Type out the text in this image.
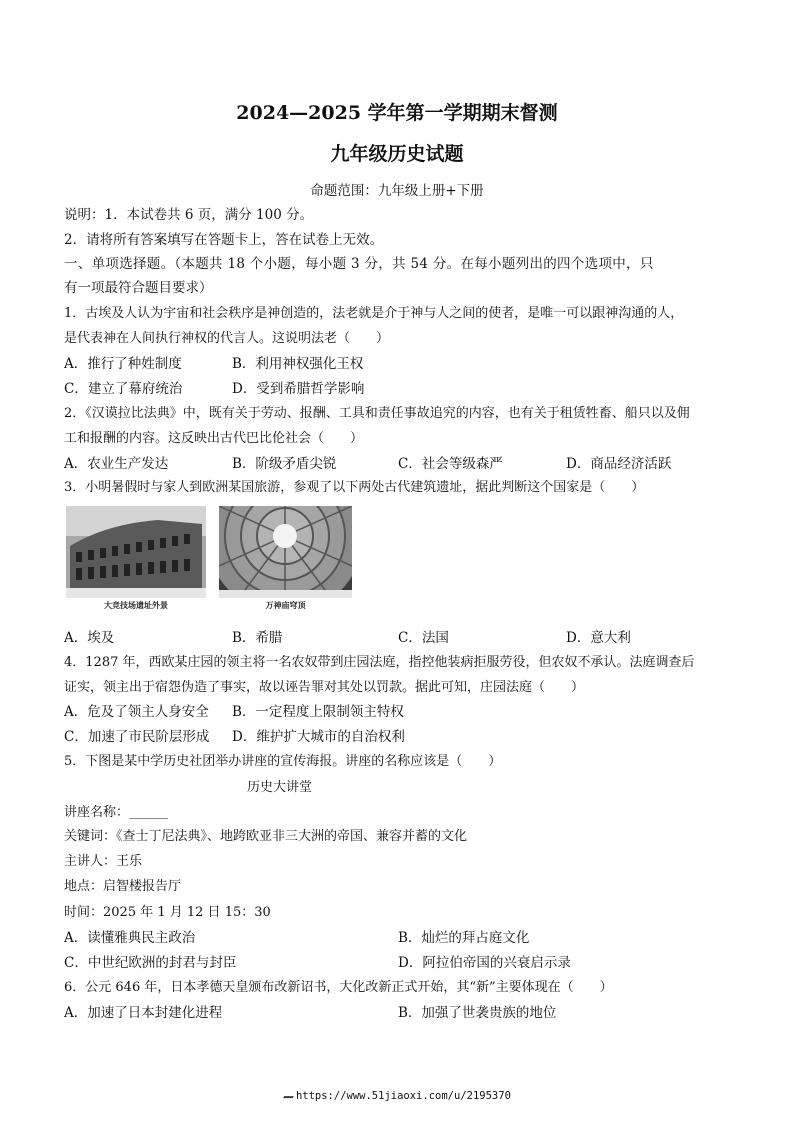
2024—2025 学年第一学期期末督测
九年级历史试题
命题范围：九年级上册+下册
说明：1．本试卷共 6 页，满分 100 分。
2．请将所有答案填写在答题卡上，答在试卷上无效。
一、单项选择题。（本题共 18 个小题，每小题 3 分，共 54 分。在每小题列出的四个选项中，只
有一项最符合题目要求）
1．古埃及人认为宇宙和社会秩序是神创造的，法老就是介于神与人之间的使者，是唯一可以跟神沟通的人，
是代表神在人间执行神权的代言人。这说明法老（　　）
A．推行了种姓制度	B．利用神权强化王权
C．建立了幕府统治	D．受到希腊哲学影响
2．《汉谟拉比法典》中，既有关于劳动、报酬、工具和责任事故追究的内容，也有关于租赁牲畜、船只以及佣
工和报酬的内容。这反映出古代巴比伦社会（　　）
A．农业生产发达	B．阶级矛盾尖锐	C．社会等级森严	D．商品经济活跃
3．小明暑假时与家人到欧洲某国旅游，参观了以下两处古代建筑遗址，据此判断这个国家是（　　）
大竞技场遗址外景	万神庙穹顶
A．埃及	B．希腊	C．法国	D．意大利
4．1287 年，西欧某庄园的领主将一名农奴带到庄园法庭，指控他装病拒服劳役，但农奴不承认。法庭调查后
证实，领主出于宿怨伪造了事实，故以诬告罪对其处以罚款。据此可知，庄园法庭（　　）
A．危及了领主人身安全 B．一定程度上限制领主特权
C．加速了市民阶层形成 D．维护扩大城市的自治权利
5．下图是某中学历史社团举办讲座的宣传海报。讲座的名称应该是（　　）
历史大讲堂
讲座名称：______
关键词：《查士丁尼法典》、地跨欧亚非三大洲的帝国、兼容并蓄的文化
主讲人：王乐
地点：启智楼报告厅
时间：2025 年 1 月 12 日 15：30
A．读懂雅典民主政治	B．灿烂的拜占庭文化
C．中世纪欧洲的封君与封臣	D．阿拉伯帝国的兴衰启示录
6．公元 646 年，日本孝德天皇颁布改新诏书，大化改新正式开始，其“新”主要体现在（　　）
A．加速了日本封建化进程	B．加强了世袭贵族的地位
▰▰▰ https://www.51jiaoxi.com/u/2195370
